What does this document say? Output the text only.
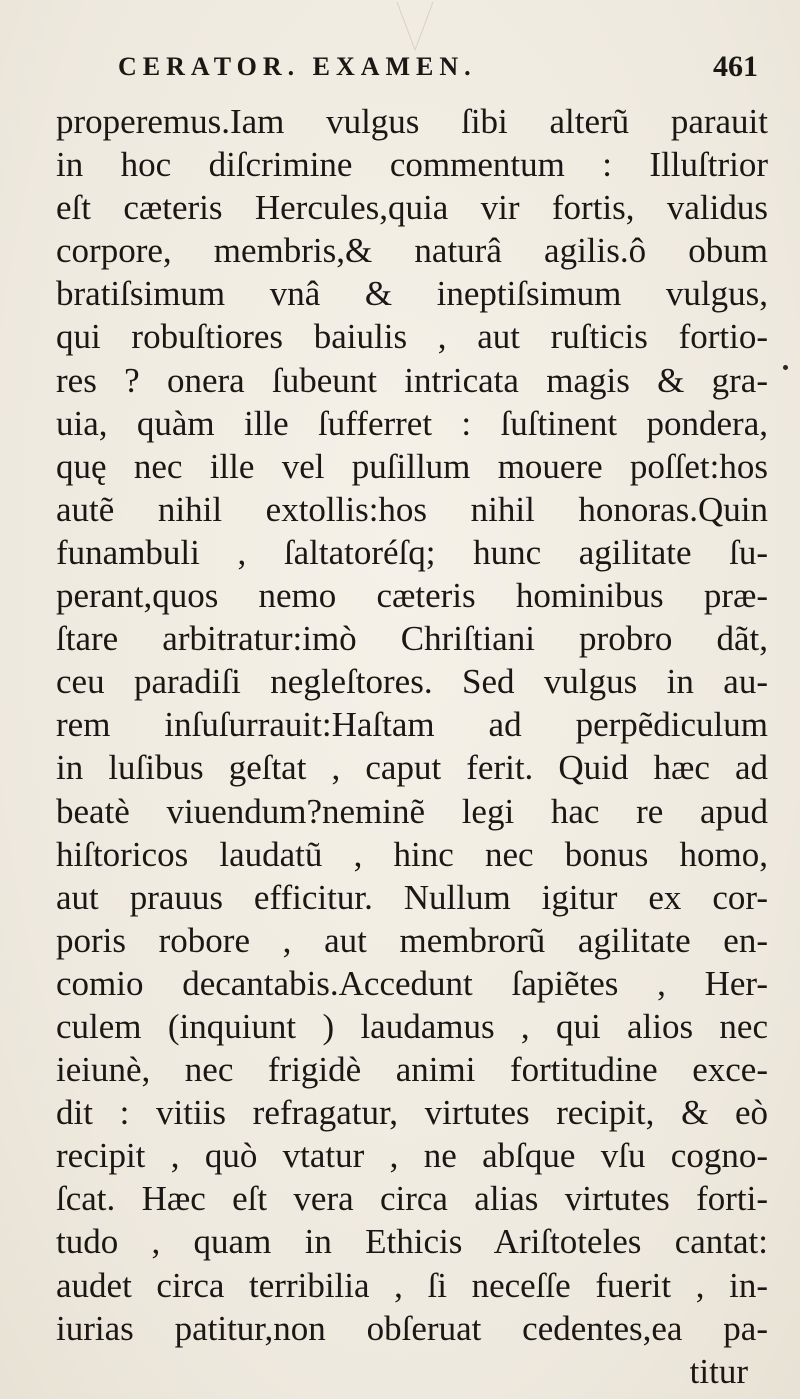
CERATOR. EXAMEN.	461
properemus.Iam vulgus ſibi alterũ parauit
in hoc diſcrimine commentum : Illuſtrior
eſt cæteris Hercules,quia vir fortis, validus
corpore, membris,& naturâ agilis.ô obum
bratiſsimum vnâ & ineptiſsimum vulgus,
qui robuſtiores baiulis , aut ruſticis fortio-
res ? onera ſubeunt intricata magis & gra-
uia, quàm ille ſufferret : ſuſtinent pondera,
quę nec ille vel puſillum mouere poſſet:hos
autẽ nihil extollis:hos nihil honoras.Quin
funambuli , ſaltatoréſq; hunc agilitate ſu-
perant,quos nemo cæteris hominibus præ-
ſtare arbitratur:imò Chriſtiani probro dãt,
ceu paradiſi negleſtores. Sed vulgus in au-
rem inſuſurrauit:Haſtam ad perpẽdiculum
in luſibus geſtat , caput ferit. Quid hæc ad
beatè viuendum?neminẽ legi hac re apud
hiſtoricos laudatũ , hinc nec bonus homo,
aut prauus efficitur. Nullum igitur ex cor-
poris robore , aut membrorũ agilitate en-
comio decantabis.Accedunt ſapiẽtes , Her-
culem (inquiunt ) laudamus , qui alios nec
ieiunè, nec frigidè animi fortitudine exce-
dit : vitiis refragatur, virtutes recipit, & eò
recipit , quò vtatur , ne abſque vſu cogno-
ſcat. Hæc eſt vera circa alias virtutes forti-
tudo , quam in Ethicis Ariſtoteles cantat:
audet circa terribilia , ſi neceſſe fuerit , in-
iurias patitur,non obſeruat cedentes,ea pa-
titur
